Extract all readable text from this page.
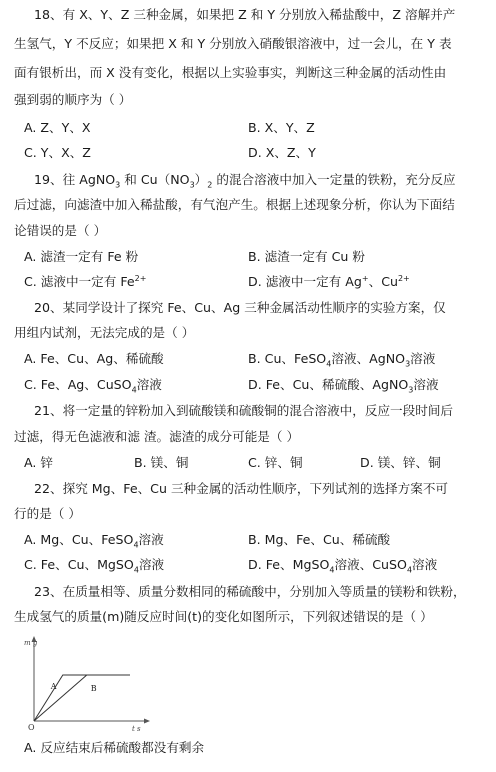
18、有 X、Y、Z 三种金属，如果把 Z 和 Y 分别放入稀盐酸中，Z 溶解并产
生氢气，Y 不反应；如果把 X 和 Y 分别放入硝酸银溶液中，过一会儿，在 Y 表
面有银析出，而 X 没有变化，根据以上实验事实，判断这三种金属的活动性由
强到弱的顺序为（ ）
A. Z、Y、X	B. X、Y、Z
C. Y、X、Z	D. X、Z、Y
19、往 AgNO$_3$ 和 $Cu(NO_3)_2$ 的混合溶液中加入一定量的铁粉，充分反应
后过滤，向滤渣中加入稀盐酸，有气泡产生。根据上述现象分析，你认为下面结
论错误的是（ ）
A. 滤渣一定有 Fe 粉	B. 滤渣一定有 Cu 粉
C. 滤液中一定有 $Fe^{2+}$	D. 滤液中一定有 Ag+、$Cu^{2+}$
20、某同学设计了探究 Fe、Cu、Ag 三种金属活动性顺序的实验方案，仅
用组内试剂，无法完成的是（ ）
A. Fe、Cu、Ag、稀硫酸	B. Cu、FeSO$_4$溶液、AgNO$_3$溶液
C. Fe、Ag、CuSO$_4$溶液	D. Fe、Cu、稀硫酸、AgNO$_3$溶液
21、将一定量的锌粉加入到硫酸镁和硫酸铜的混合溶液中，反应一段时间后
过滤，得无色滤液和滤 渣。滤渣的成分可能是（ ）
A. 锌	B. 镁、铜	C. 锌、铜	D. 镁、锌、铜
22、探究 Mg、Fe、Cu 三种金属的活动性顺序，下列试剂的选择方案不可
行的是（ ）
A. Mg、Cu、FeSO$_4$溶液	B. Mg、Fe、Cu、稀硫酸
C. Fe、Cu、MgSO$_4$溶液	D. Fe、MgSO$_4$溶液、CuSO$_4$溶液
23、在质量相等、质量分数相同的稀硫酸中，分别加入等质量的镁粉和铁粉，
生成氢气的质量(m)随反应时间(t)的变化如图所示，下列叙述错误的是（ ）
m g
t s
O
A	B
A. 反应结束后稀硫酸都没有剩余
